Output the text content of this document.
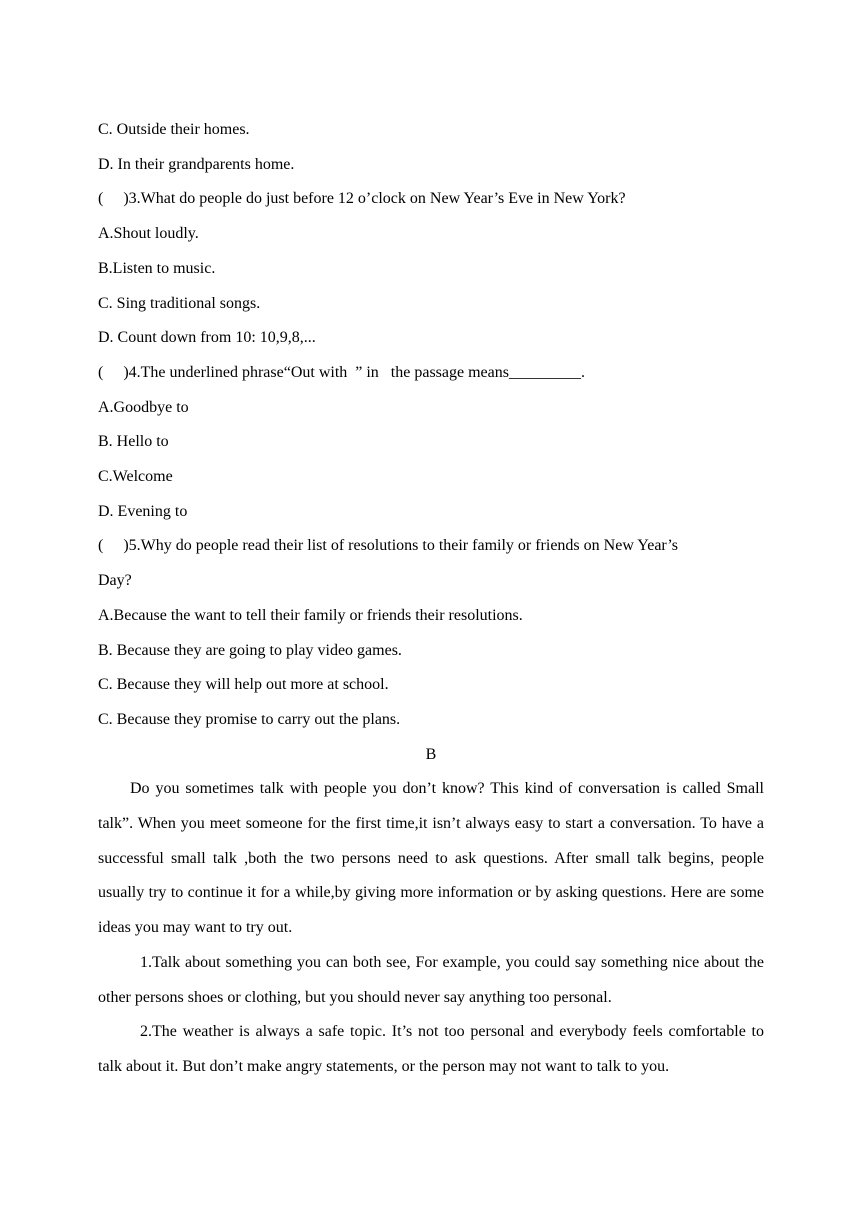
C. Outside their homes.

D. In their grandparents home.

(     )3.What do people do just before 12 o’clock on New Year’s Eve in New York?

A.Shout loudly.

B.Listen to music.

C. Sing traditional songs.

D. Count down from 10: 10,9,8,...

(     )4.The underlined phrase“Out with  ” in   the passage means_________.

A.Goodbye to

B. Hello to

C.Welcome

D. Evening to

(     )5.Why do people read their list of resolutions to their family or friends on New Year’s

Day?

A.Because the want to tell their family or friends their resolutions.

B. Because they are going to play video games.

C. Because they will help out more at school.

C. Because they promise to carry out the plans.

B

Do you sometimes talk with people you don’t know? This kind of conversation is called Small talk”. When you meet someone for the first time,it isn’t always easy to start a conversation. To have a successful small talk ,both the two persons need to ask questions. After small talk begins, people usually try to continue it for a while,by giving more information or by asking questions. Here are some ideas you may want to try out.

1.Talk about something you can both see, For example, you could say something nice about the other persons shoes or clothing, but you should never say anything too personal.

2.The weather is always a safe topic. It’s not too personal and everybody feels comfortable to talk about it. But don’t make angry statements, or the person may not want to talk to you.
